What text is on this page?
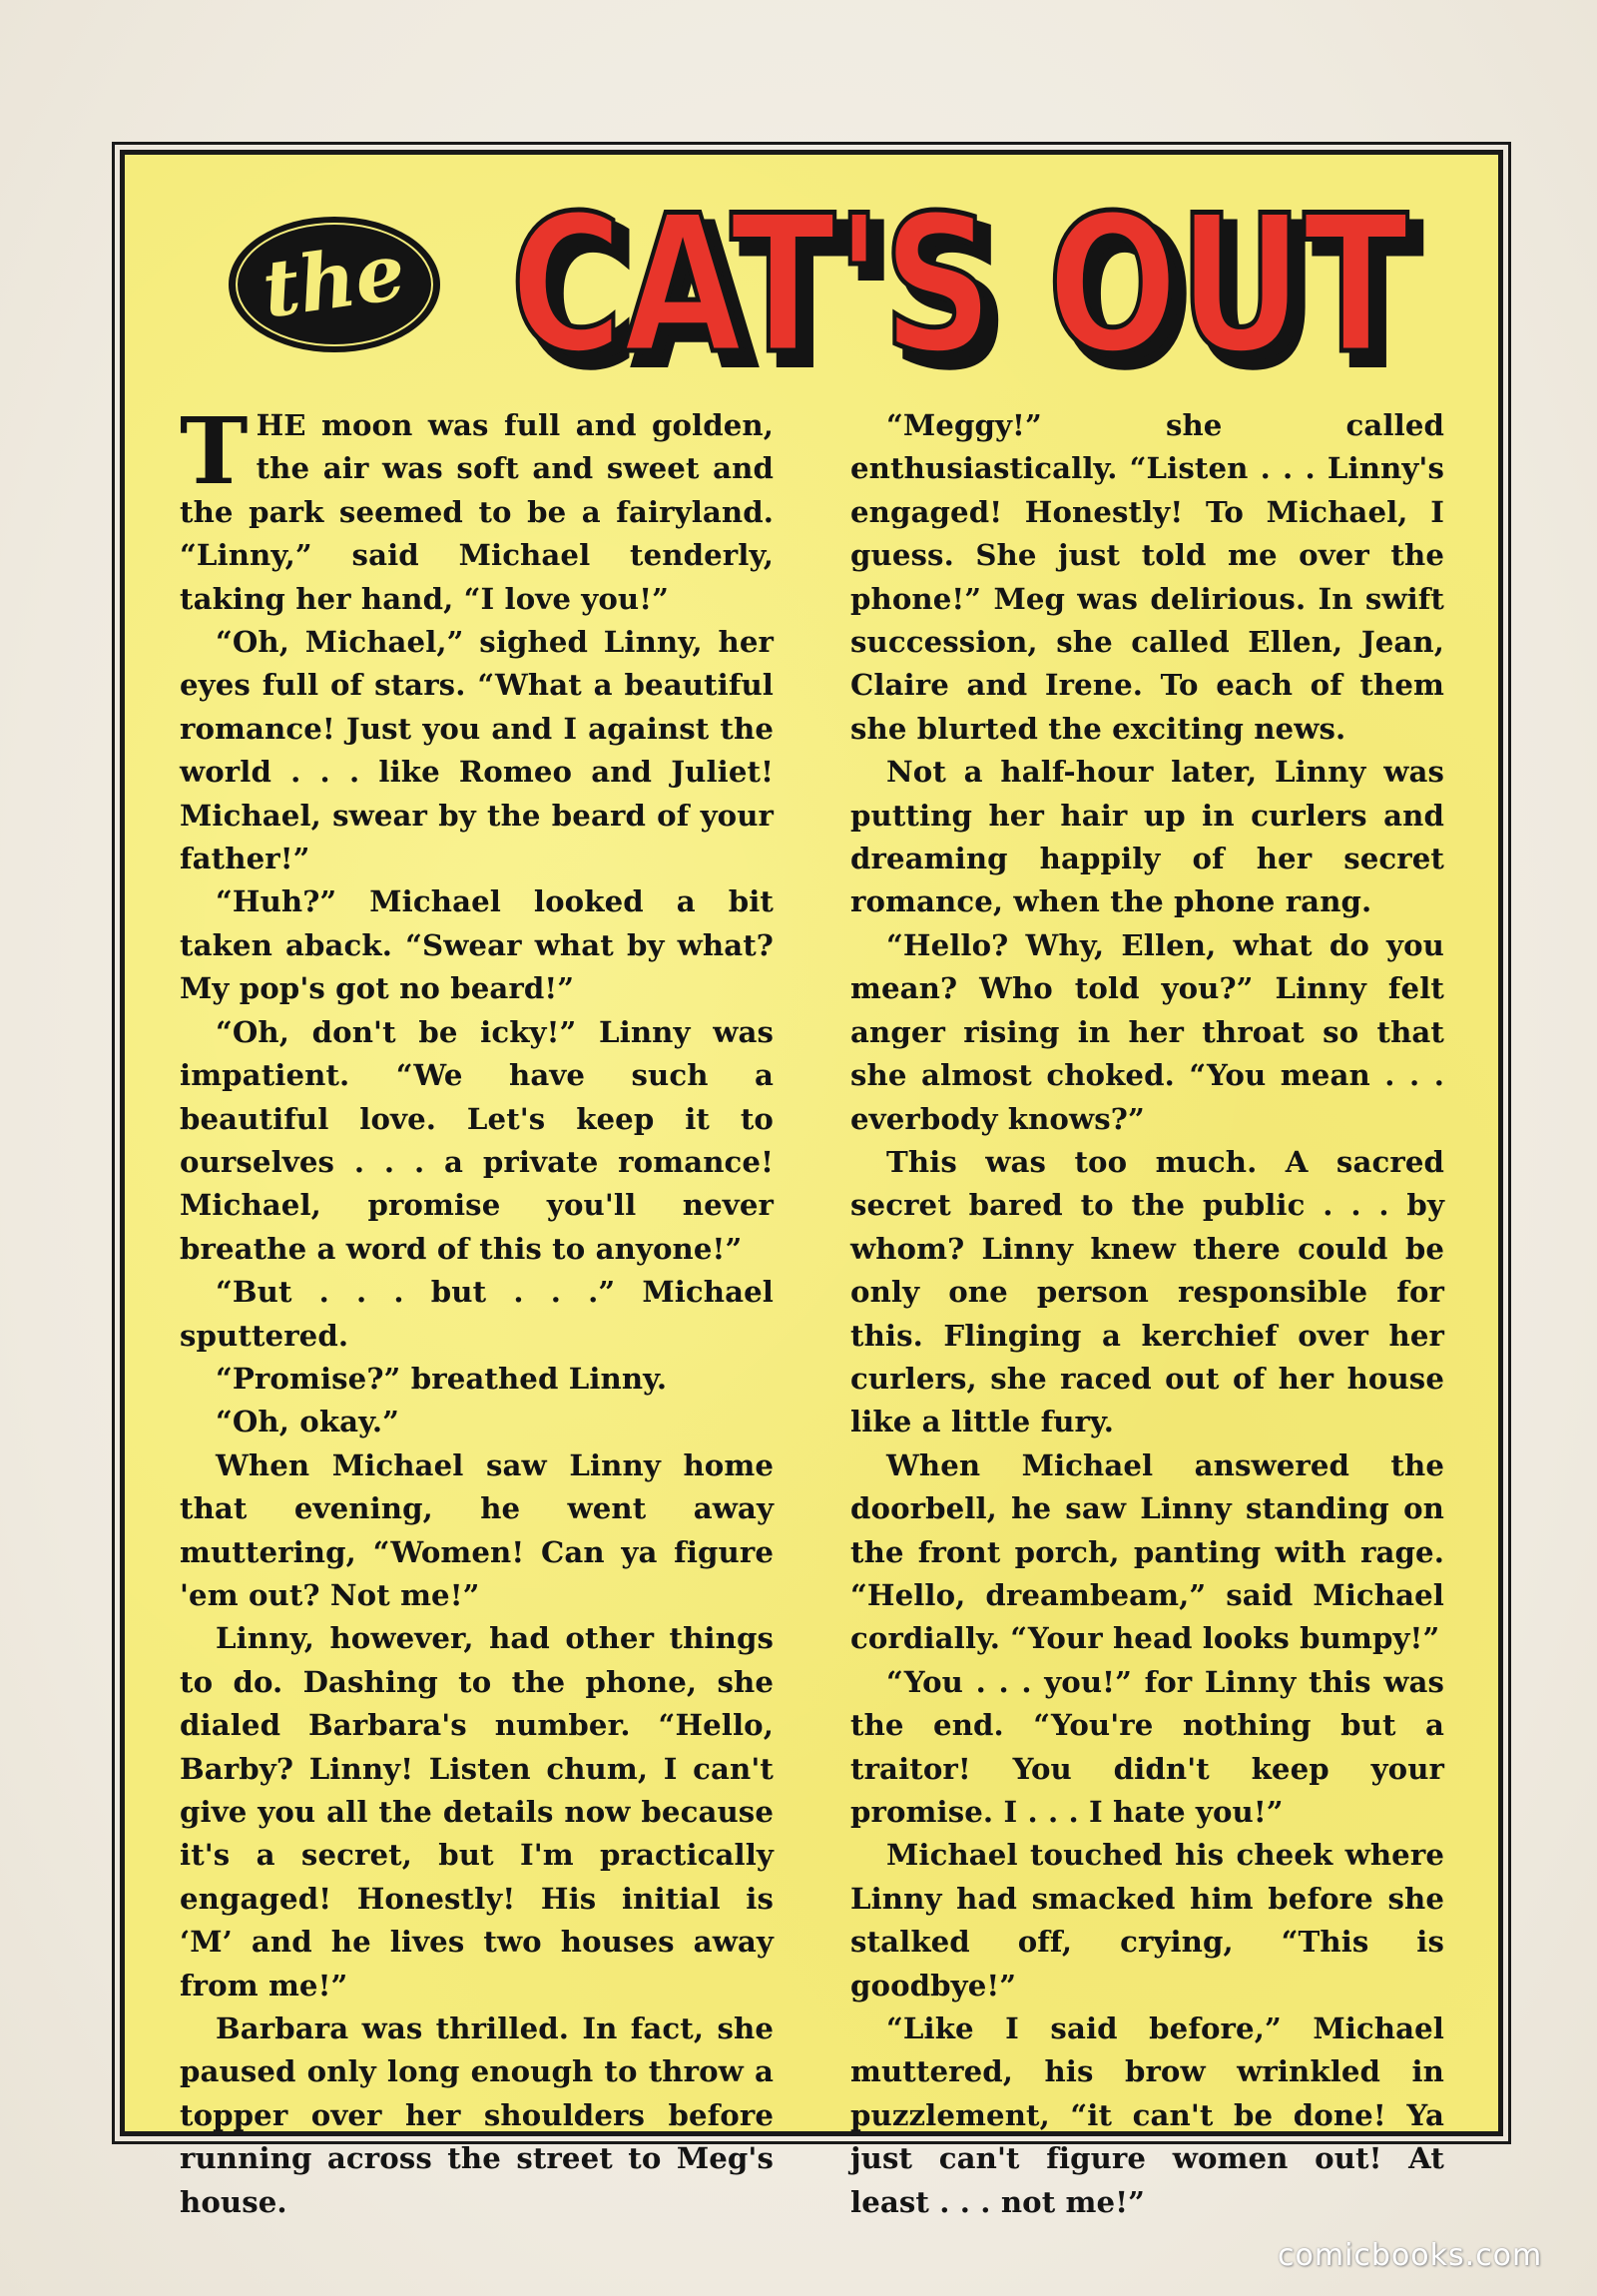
the CAT'S OUT
CAT'S OUT

THE moon was full and golden, the air was soft and sweet and the park seemed to be a fairyland. “Linny,” said Michael tenderly, taking her hand, “I love you!”

“Oh, Michael,” sighed Linny, her eyes full of stars. “What a beautiful romance! Just you and I against the world . . . like Romeo and Juliet! Michael, swear by the beard of your father!”

“Huh?” Michael looked a bit taken aback. “Swear what by what? My pop's got no beard!”

“Oh, don't be icky!” Linny was impatient. “We have such a beautiful love. Let's keep it to ourselves . . . a private romance! Michael, promise you'll never breathe a word of this to anyone!”

“But . . . but . . .” Michael sputtered.

“Promise?” breathed Linny.

“Oh, okay.”

When Michael saw Linny home that evening, he went away muttering, “Women! Can ya figure 'em out? Not me!”

Linny, however, had other things to do. Dashing to the phone, she dialed Barbara's number. “Hello, Barby? Linny! Listen chum, I can't give you all the details now because it's a secret, but I'm practically engaged! Honestly! His initial is ‘M’ and he lives two houses away from me!”

Barbara was thrilled. In fact, she paused only long enough to throw a topper over her shoulders before running across the street to Meg's house.

“Meggy!” she called enthusiastically. “Listen . . . Linny's engaged! Honestly! To Michael, I guess. She just told me over the phone!” Meg was delirious. In swift succession, she called Ellen, Jean, Claire and Irene. To each of them she blurted the exciting news.

Not a half-hour later, Linny was putting her hair up in curlers and dreaming happily of her secret romance, when the phone rang.

“Hello? Why, Ellen, what do you mean? Who told you?” Linny felt anger rising in her throat so that she almost choked. “You mean . . . everbody knows?”

This was too much. A sacred secret bared to the public . . . by whom? Linny knew there could be only one person responsible for this. Flinging a kerchief over her curlers, she raced out of her house like a little fury.

When Michael answered the doorbell, he saw Linny standing on the front porch, panting with rage. “Hello, dreambeam,” said Michael cordially. “Your head looks bumpy!”

“You . . . you!” for Linny this was the end. “You're nothing but a traitor! You didn't keep your promise. I . . . I hate you!”

Michael touched his cheek where Linny had smacked him before she stalked off, crying, “This is goodbye!”

“Like I said before,” Michael muttered, his brow wrinkled in puzzlement, “it can't be done! Ya just can't figure women out! At least . . . not me!”

comicbooks.com
